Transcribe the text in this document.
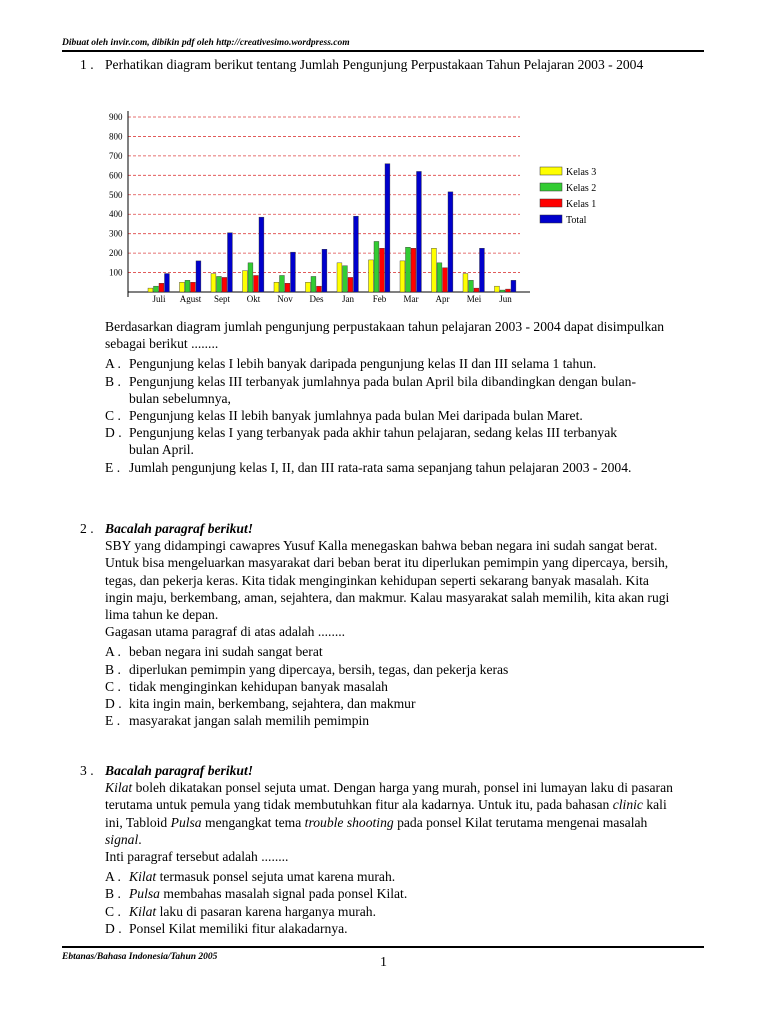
Dibuat oleh invir.com, dibikin pdf oleh http://creativesimo.wordpress.com
1 . Perhatikan diagram berikut tentang Jumlah Pengunjung Perpustakaan Tahun Pelajaran 2003 - 2004

100
200
300
400
500
600
700
800
900
Juli Agust Sept Okt Nov Des Jan Feb Mar Apr Mei Jun
Kelas 3
Kelas 2
Kelas 1
Total

Berdasarkan diagram jumlah pengunjung perpustakaan tahun pelajaran 2003 - 2004 dapat disimpulkan sebagai berikut ........

A . Pengunjung kelas I lebih banyak daripada pengunjung kelas II dan III selama 1 tahun.
B . Pengunjung kelas III terbanyak jumlahnya pada bulan April bila dibandingkan dengan bulan-bulan sebelumnya,
C . Pengunjung kelas II lebih banyak jumlahnya pada bulan Mei daripada bulan Maret.
D . Pengunjung kelas I yang terbanyak pada akhir tahun pelajaran, sedang kelas III terbanyak bulan April.
E . Jumlah pengunjung kelas I, II, dan III rata-rata sama sepanjang tahun pelajaran 2003 - 2004.
2 . Bacalah paragraf berikut!

SBY yang didampingi cawapres Yusuf Kalla menegaskan bahwa beban negara ini sudah sangat berat. Untuk bisa mengeluarkan masyarakat dari beban berat itu diperlukan pemimpin yang dipercaya, bersih, tegas, dan pekerja keras. Kita tidak menginginkan kehidupan seperti sekarang banyak masalah. Kita ingin maju, berkembang, aman, sejahtera, dan makmur. Kalau masyarakat salah memilih, kita akan rugi lima tahun ke depan.

Gagasan utama paragraf di atas adalah ........

A . beban negara ini sudah sangat berat
B . diperlukan pemimpin yang dipercaya, bersih, tegas, dan pekerja keras
C . tidak menginginkan kehidupan banyak masalah
D . kita ingin main, berkembang, sejahtera, dan makmur
E . masyarakat jangan salah memilih pemimpin
3 . Bacalah paragraf berikut!

Kilat boleh dikatakan ponsel sejuta umat. Dengan harga yang murah, ponsel ini lumayan laku di pasaran terutama untuk pemula yang tidak membutuhkan fitur ala kadarnya. Untuk itu, pada bahasan clinic kali ini, Tabloid Pulsa mengangkat tema trouble shooting pada ponsel Kilat terutama mengenai masalah signal.

Inti paragraf tersebut adalah ........

A . Kilat termasuk ponsel sejuta umat karena murah.
B . Pulsa membahas masalah signal pada ponsel Kilat.
C . Kilat laku di pasaran karena harganya murah.
D . Ponsel Kilat memiliki fitur alakadarnya.
Ebtanas/Bahasa Indonesia/Tahun 2005	1
